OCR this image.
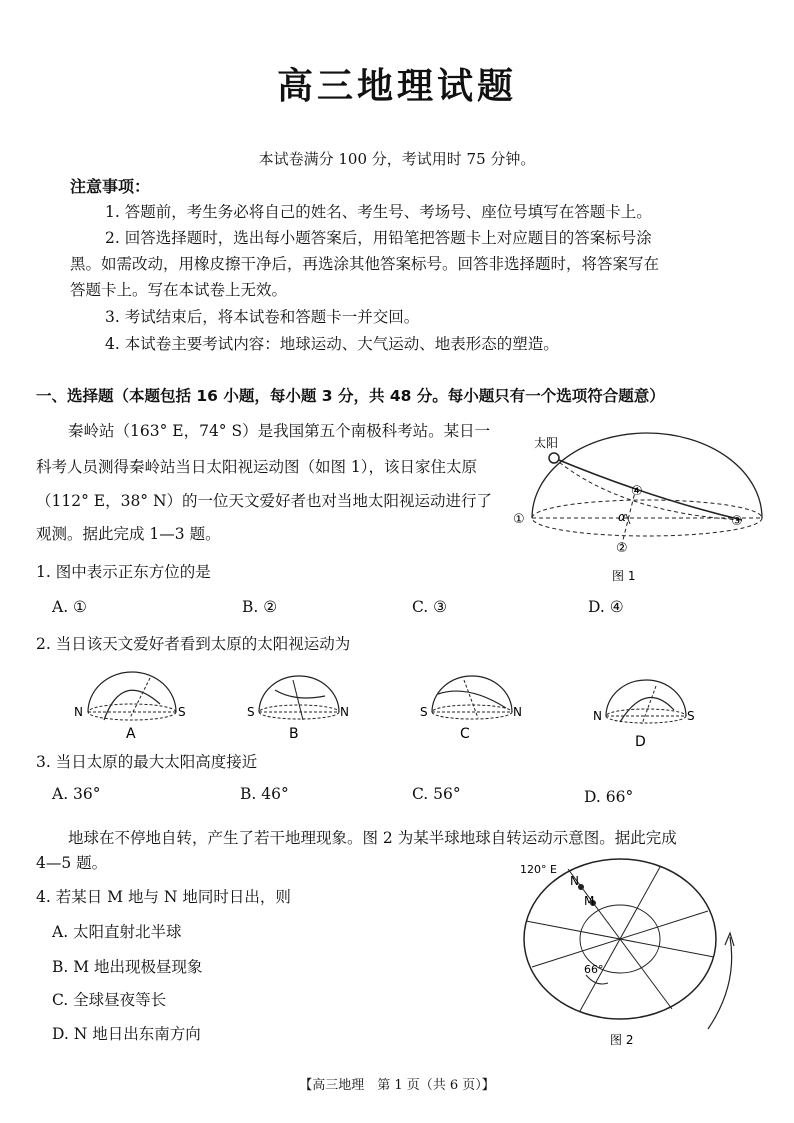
高三地理试题
本试卷满分 100 分，考试用时 75 分钟。
注意事项：
1. 答题前，考生务必将自己的姓名、考生号、考场号、座位号填写在答题卡上。
2. 回答选择题时，选出每小题答案后，用铅笔把答题卡上对应题目的答案标号涂
黑。如需改动，用橡皮擦干净后，再选涂其他答案标号。回答非选择题时，将答案写在
答题卡上。写在本试卷上无效。
3. 考试结束后，将本试卷和答题卡一并交回。
4. 本试卷主要考试内容：地球运动、大气运动、地表形态的塑造。
一、选择题（本题包括 16 小题，每小题 3 分，共 48 分。每小题只有一个选项符合题意）
秦岭站（163° E，74° S）是我国第五个南极科考站。某日一
科考人员测得秦岭站当日太阳视运动图（如图 1），该日家住太原
（112° E，38° N）的一位天文爱好者也对当地太阳视运动进行了
观测。据此完成 1—3 题。
太阳
α
①
②
③
④
图 1
1. 图中表示正东方位的是
A. ①	B. ②	C. ③	D. ④
2. 当日该天文爱好者看到太原的太阳视运动为
N	S
A
S	N
B
S	N
C
N	S
D
3. 当日太原的最大太阳高度接近
A. 36°	B. 46°	C. 56°	D. 66°
地球在不停地自转，产生了若干地理现象。图 2 为某半球地球自转运动示意图。据此完成
4—5 题。	120° E
N
M
66°
图 2
4. 若某日 M 地与 N 地同时日出，则
A. 太阳直射北半球
B. M 地出现极昼现象
C. 全球昼夜等长
D. N 地日出东南方向
【高三地理　第 1 页（共 6 页）】
